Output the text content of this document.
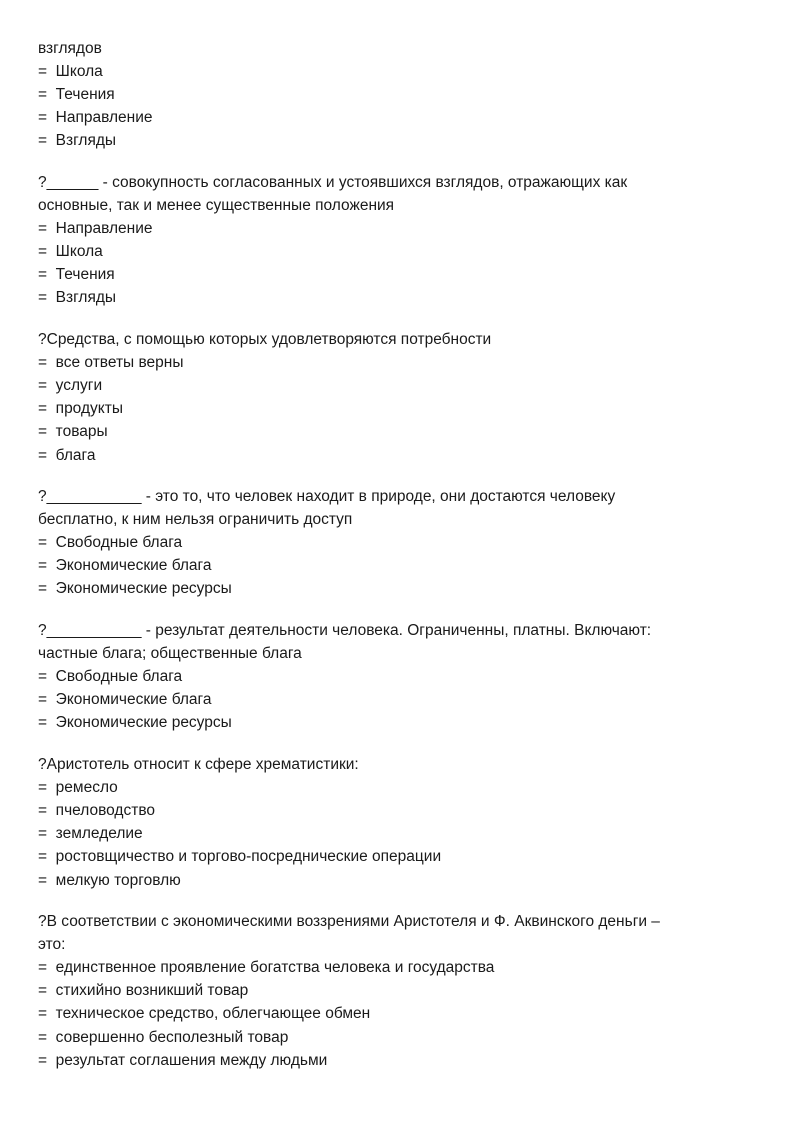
взглядов
=  Школа
=  Течения
=  Направление
=  Взгляды
?______ - совокупность согласованных и устоявшихся взглядов, отражающих как
основные, так и менее существенные положения
=  Направление
=  Школа
=  Течения
=  Взгляды
?Средства, с помощью которых удовлетворяются потребности
=  все ответы верны
=  услуги
=  продукты
=  товары
=  блага
?___________ - это то, что человек находит в природе, они достаются человеку
бесплатно, к ним нельзя ограничить доступ
=  Свободные блага
=  Экономические блага
=  Экономические ресурсы
?___________ - результат деятельности человека. Ограниченны, платны. Включают:
частные блага; общественные блага
=  Свободные блага
=  Экономические блага
=  Экономические ресурсы
?Аристотель относит к сфере хрематистики:
=  ремесло
=  пчеловодство
=  земледелие
=  ростовщичество и торгово-посреднические операции
=  мелкую торговлю
?В соответствии с экономическими воззрениями Аристотеля и Ф. Аквинского деньги –
это:
=  единственное проявление богатства человека и государства
=  стихийно возникший товар
=  техническое средство, облегчающее обмен
=  совершенно бесполезный товар
=  результат соглашения между людьми
